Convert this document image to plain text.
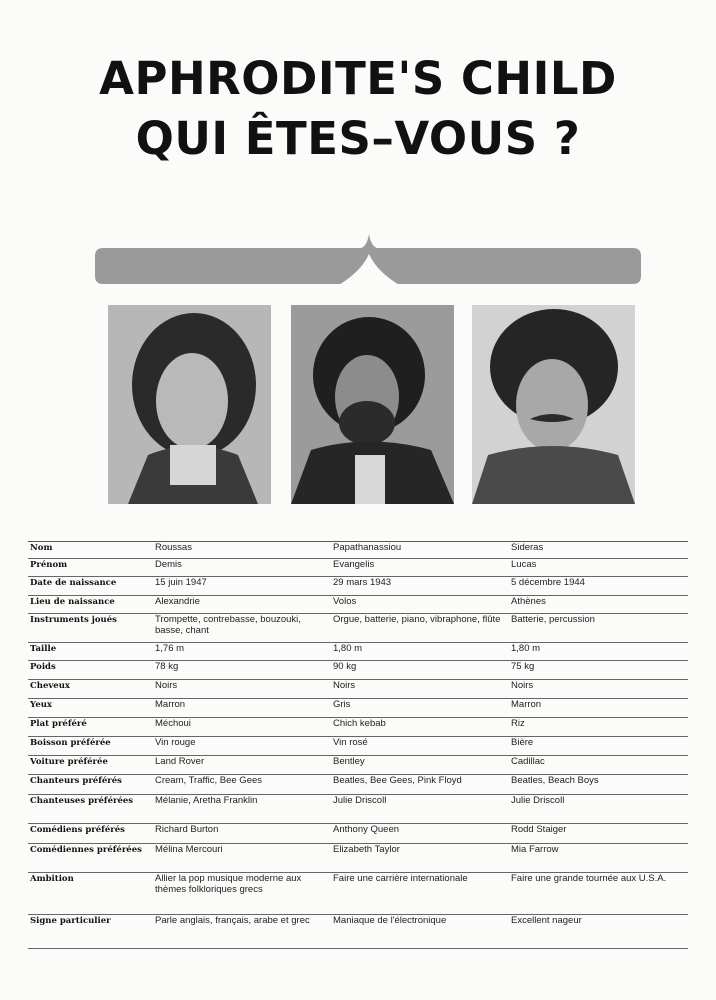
APHRODITE'S CHILD
QUI ÊTES–VOUS ?
Nom	Roussas	Papathanassiou	Sideras
Prénom	Demis	Evangelis	Lucas
Date de naissance	15 juin 1947	29 mars 1943	5 décembre 1944
Lieu de naissance	Alexandrie	Volos	Athènes
Instruments joués	Trompette, contrebasse, bouzouki, basse, chant	Orgue, batterie, piano, vibraphone, flûte	Batterie, percussion
Taille	1,76 m	1,80 m	1,80 m
Poids	78 kg	90 kg	75 kg
Cheveux	Noirs	Noirs	Noirs
Yeux	Marron	Gris	Marron
Plat préféré	Méchoui	Chich kebab	Riz
Boisson préférée	Vin rouge	Vin rosé	Bière
Voiture préférée	Land Rover	Bentley	Cadillac
Chanteurs préférés	Cream, Traffic, Bee Gees	Beatles, Bee Gees, Pink Floyd	Beatles, Beach Boys
Chanteuses préférées	Mélanie, Aretha Franklin	Julie Driscoll	Julie Driscoll
Comédiens préférés	Richard Burton	Anthony Queen	Rodd Staiger
Comédiennes préférées	Mélina Mercouri	Elizabeth Taylor	Mia Farrow
Ambition	Allier la pop musique moderne aux thèmes folkloriques grecs	Faire une carrière internationale	Faire une grande tournée aux U.S.A.
Signe particulier	Parle anglais, français, arabe et grec	Maniaque de l'électronique	Excellent nageur
